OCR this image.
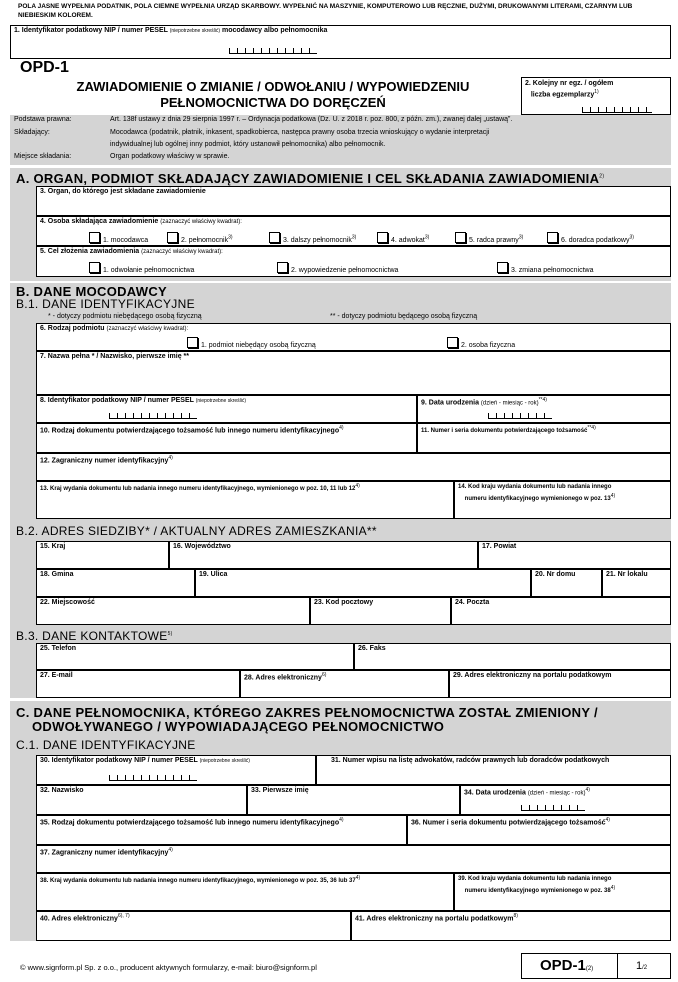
POLA JASNE WYPEŁNIA PODATNIK, POLA CIEMNE WYPEŁNIA URZĄD SKARBOWY. WYPEŁNIĆ NA MASZYNIE, KOMPUTEROWO LUB RĘCZNIE, DUŻYMI, DRUKOWANYMI LITERAMI, CZARNYM LUB NIEBIESKIM KOLOREM.
1. Identyfikator podatkowy NIP / numer PESEL (niepotrzebne skreślić) mocodawcy albo pełnomocnika
OPD-1
ZAWIADOMIENIE O ZMIANIE / ODWOŁANIU / WYPOWIEDZENIU
PEŁNOMOCNICTWA DO DORĘCZEŃ
2. Kolejny nr egz. / ogółem
liczba egzemplarzy$^{1)}$
Podstawa prawna:	Art. 138f ustawy z dnia 29 sierpnia 1997 r. – Ordynacja podatkowa (Dz. U. z 2018 r. poz. 800, z późn. zm.), zwanej dalej „ustawą”.
Składający:	Mocodawca (podatnik, płatnik, inkasent, spadkobierca, następca prawny osoba trzecia wnioskujący o wydanie interpretacji
indywidualnej lub ogólnej inny podmiot, który ustanowił pełnomocnika) albo pełnomocnik.
Miejsce składania:	Organ podatkowy właściwy w sprawie.
A. ORGAN, PODMIOT SKŁADAJĄCY ZAWIADOMIENIE I CEL SKŁADANIA ZAWIADOMIENIA$^{2)}$
3. Organ, do którego jest składane zawiadomienie
4. Osoba składająca zawiadomienie (zaznaczyć właściwy kwadrat):
1. mocodawca	2. pełnomocnik$^{3)}$	3. dalszy pełnomocnik$^{3)}$	4. adwokat$^{3)}$	5. radca prawny$^{3)}$	6. doradca podatkowy$^{3)}$
5. Cel złożenia zawiadomienia (zaznaczyć właściwy kwadrat):
1. odwołanie pełnomocnictwa	2. wypowiedzenie pełnomocnictwa	3. zmiana pełnomocnictwa
B. DANE MOCODAWCY
B.1. DANE IDENTYFIKACYJNE
* - dotyczy podmiotu niebędącego osobą fizyczną	** - dotyczy podmiotu będącego osobą fizyczną
6. Rodzaj podmiotu (zaznaczyć właściwy kwadrat):
1. podmiot niebędący osobą fizyczną	2. osoba fizyczna
7. Nazwa pełna * / Nazwisko, pierwsze imię **
8. Identyfikator podatkowy NIP / numer PESEL (niepotrzebne skreślić)	9. Data urodzenia (dzień - miesiąc - rok)$^{**4)}$
10. Rodzaj dokumentu potwierdzającego tożsamość lub innego numeru identyfikacyjnego$^{4)}$	11. Numer i seria dokumentu potwierdzającego tożsamość$^{**4)}$
12. Zagraniczny numer identyfikacyjny$^{4)}$
13. Kraj wydania dokumentu lub nadania innego numeru identyfikacyjnego, wymienionego w poz. 10, 11 lub 12$^{4)}$	14. Kod kraju wydania dokumentu lub nadania innego
numeru identyfikacyjnego wymienionego w poz. 13$^{4)}$
B.2. ADRES SIEDZIBY* / AKTUALNY ADRES ZAMIESZKANIA**
15. Kraj	16. Województwo	17. Powiat
18. Gmina	19. Ulica	20. Nr domu	21. Nr lokalu
22. Miejscowość	23. Kod pocztowy	24. Poczta
B.3. DANE KONTAKTOWE$^{5)}$
25. Telefon	26. Faks
27. E-mail	28. Adres elektroniczny$^{6)}$	29. Adres elektroniczny na portalu podatkowym
C. DANE PEŁNOMOCNIKA, KTÓREGO ZAKRES PEŁNOMOCNICTWA ZOSTAŁ ZMIENIONY /
ODWOŁYWANEGO / WYPOWIADAJĄCEGO PEŁNOMOCNICTWO
C.1. DANE IDENTYFIKACYJNE
30. Identyfikator podatkowy NIP / numer PESEL (niepotrzebne skreślić)	31. Numer wpisu na listę adwokatów, radców prawnych lub doradców podatkowych
32. Nazwisko	33. Pierwsze imię	34. Data urodzenia (dzień - miesiąc - rok)$^{4)}$
35. Rodzaj dokumentu potwierdzającego tożsamość lub innego numeru identyfikacyjnego$^{4)}$	36. Numer i seria dokumentu potwierdzającego tożsamość$^{4)}$
37. Zagraniczny numer identyfikacyjny$^{4)}$
38. Kraj wydania dokumentu lub nadania innego numeru identyfikacyjnego, wymienionego w poz. 35, 36 lub 37$^{4)}$	39. Kod kraju wydania dokumentu lub nadania innego
numeru identyfikacyjnego wymienionego w poz. 38$^{4)}$
40. Adres elektroniczny$^{6), 7)}$	41. Adres elektroniczny na portalu podatkowym$^{8)}$
© www.signform.pl Sp. z o.o., producent aktywnych formularzy, e-mail: biuro@signform.pl	OPD-1(2)	1/2
